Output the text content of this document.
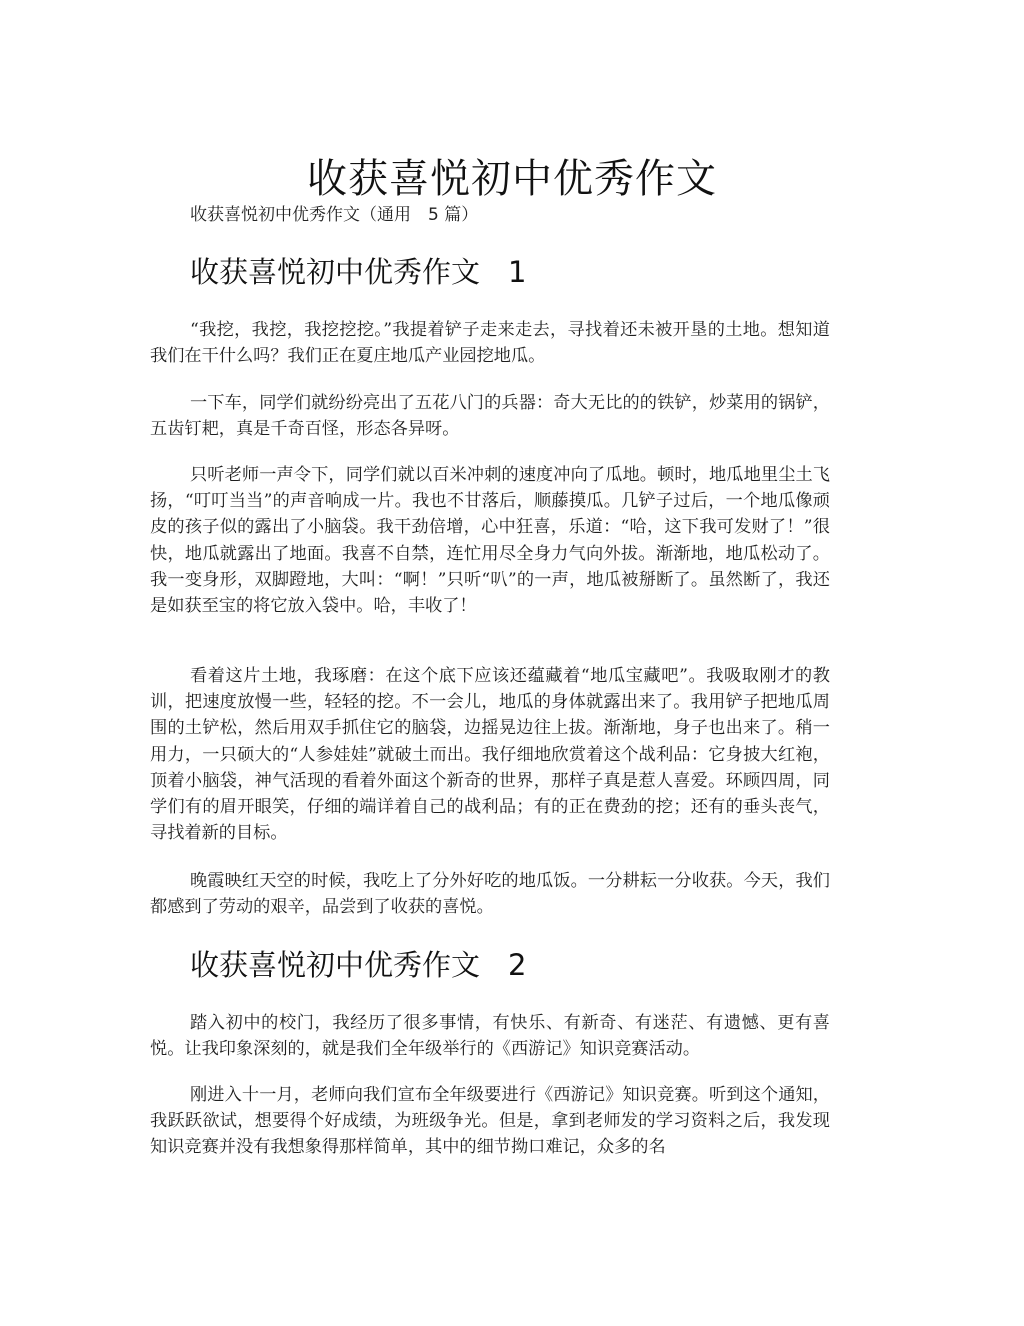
收获喜悦初中优秀作文
收获喜悦初中优秀作文（通用　5 篇）
收获喜悦初中优秀作文 1

“我挖，我挖，我挖挖挖。”我提着铲子走来走去，寻找着还未被开垦的土地。想知道我们在干什么吗？我们正在夏庄地瓜产业园挖地瓜。

一下车，同学们就纷纷亮出了五花八门的兵器：奇大无比的的铁铲，炒菜用的锅铲，五齿钉耙，真是千奇百怪，形态各异呀。

只听老师一声令下，同学们就以百米冲刺的速度冲向了瓜地。顿时，地瓜地里尘土飞扬，“叮叮当当”的声音响成一片。我也不甘落后，顺藤摸瓜。几铲子过后，一个地瓜像顽皮的孩子似的露出了小脑袋。我干劲倍增，心中狂喜，乐道：“哈，这下我可发财了！”很快，地瓜就露出了地面。我喜不自禁，连忙用尽全身力气向外拔。渐渐地，地瓜松动了。我一变身形，双脚蹬地，大叫：“啊！”只听“叭”的一声，地瓜被掰断了。虽然断了，我还是如获至宝的将它放入袋中。哈，丰收了！

看着这片土地，我琢磨：在这个底下应该还蕴藏着“地瓜宝藏吧”。我吸取刚才的教训，把速度放慢一些，轻轻的挖。不一会儿，地瓜的身体就露出来了。我用铲子把地瓜周围的土铲松，然后用双手抓住它的脑袋，边摇晃边往上拔。渐渐地，身子也出来了。稍一用力，一只硕大的“人参娃娃”就破土而出。我仔细地欣赏着这个战利品：它身披大红袍，顶着小脑袋，神气活现的看着外面这个新奇的世界，那样子真是惹人喜爱。环顾四周，同学们有的眉开眼笑，仔细的端详着自己的战利品；有的正在费劲的挖；还有的垂头丧气，寻找着新的目标。

晚霞映红天空的时候，我吃上了分外好吃的地瓜饭。一分耕耘一分收获。今天，我们都感到了劳动的艰辛，品尝到了收获的喜悦。

收获喜悦初中优秀作文 2

踏入初中的校门，我经历了很多事情，有快乐、有新奇、有迷茫、有遗憾、更有喜悦。让我印象深刻的，就是我们全年级举行的《西游记》知识竞赛活动。

刚进入十一月，老师向我们宣布全年级要进行《西游记》知识竞赛。听到这个通知，我跃跃欲试，想要得个好成绩，为班级争光。但是，拿到老师发的学习资料之后，我发现知识竞赛并没有我想象得那样简单，其中的细节拗口难记，众多的名
